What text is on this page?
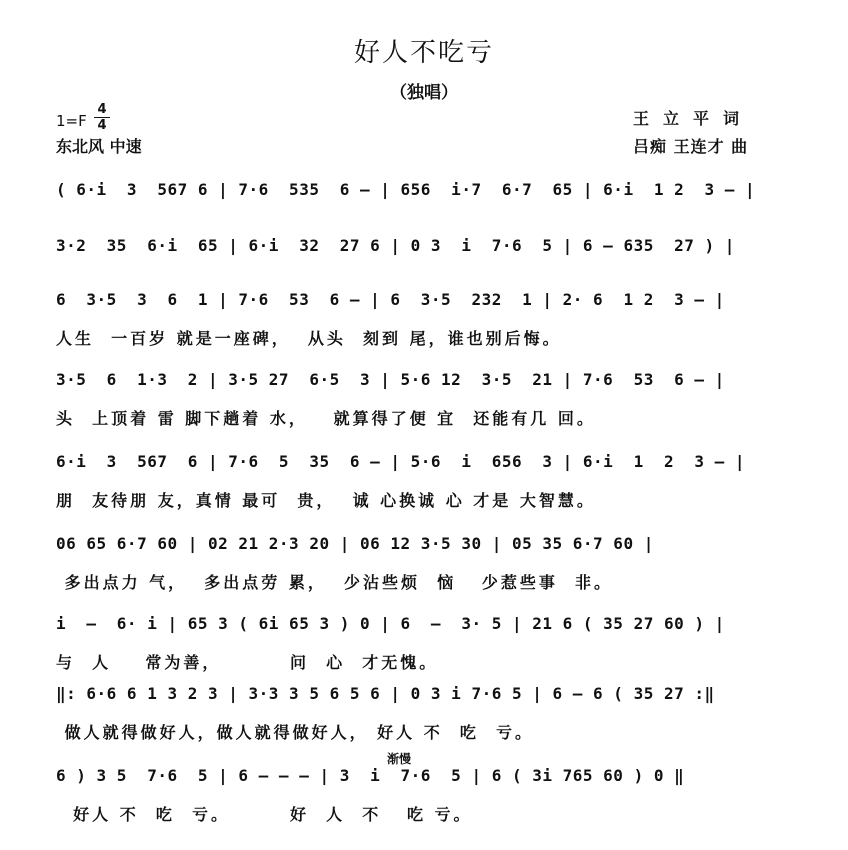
好人不吃亏
（独唱）
1=F
4
4
东北风 中速
王立平词
吕痴 王连才 曲
( 6·i  3  567 6 | 7·6  535  6 – | 656  i·7  6·7  65 | 6·i  1 2  3 – |
3·2  35  6·i  65 | 6·i  32  27 6 | 0 3  i  7·6  5 | 6 – 635  27 ) |
6  3·5  3  6  1 | 7·6  53  6 – | 6  3·5  232  1 | 2· 6  1 2  3 – |
人生  一百岁 就是一座碑，  从头  刻到 尾，谁也别后悔。
3·5  6  1·3  2 | 3·5 27  6·5  3 | 5·6 12  3·5  21 | 7·6  53  6 – |
头  上顶着 雷 脚下趟着 水，   就算得了便 宜  还能有几 回。
6·i  3  567  6 | 7·6  5  35  6 – | 5·6  i  656  3 | 6·i  1  2  3 – |
朋  友待朋 友，真情 最可  贵，  诚 心换诚 心 才是 大智慧。
06 65 6·7 60 | 02 21 2·3 20 | 06 12 3·5 30 | 05 35 6·7 60 |
多出点力 气，  多出点劳 累，  少沾些烦  恼   少惹些事  非。
i  –  6· i | 65 3 ( 6i 65 3 ) 0 | 6  –  3· 5 | 21 6 ( 35 27 60 ) |
与  人    常为善，        问  心  才无愧。
‖: 6·6 6 1 3 2 3 | 3·3 3 5 6 5 6 | 0 3 i 7·6 5 | 6 – 6 ( 35 27 :‖
做人就得做好人，做人就得做好人， 好人 不  吃  亏。
6 ) 3 5  7·6  5 | 6 – – – | 3  i  7·6  5 | 6 ( 3i 765 60 ) 0 ‖
好人 不  吃  亏。       好  人  不   吃 亏。
渐慢
